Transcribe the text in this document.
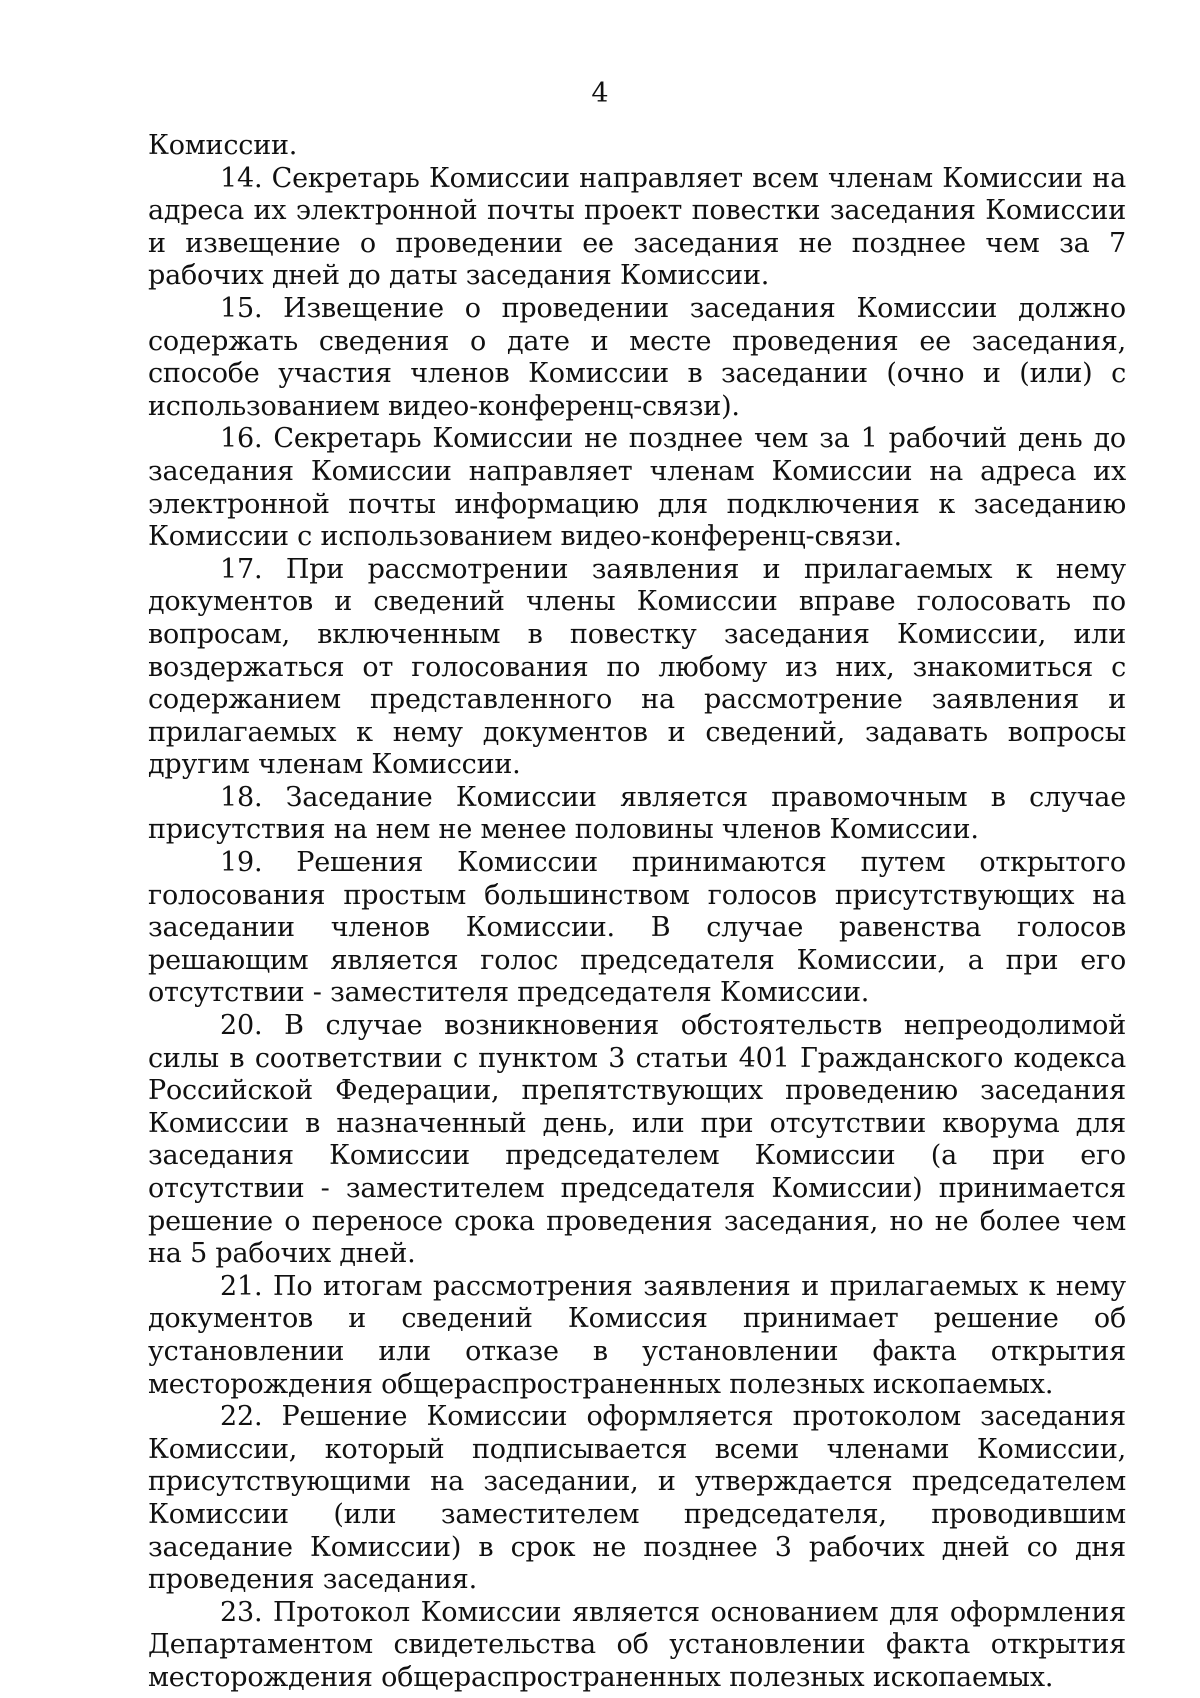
4

Комиссии.

14. Секретарь Комиссии направляет всем членам Комиссии на адреса их электронной почты проект повестки заседания Комиссии и извещение о проведении ее заседания не позднее чем за 7 рабочих дней до даты заседания Комиссии.

15. Извещение о проведении заседания Комиссии должно содержать сведения о дате и месте проведения ее заседания, способе участия членов Комиссии в заседании (очно и (или) с использованием видео-конференц-связи).

16. Секретарь Комиссии не позднее чем за 1 рабочий день до заседания Комиссии направляет членам Комиссии на адреса их электронной почты информацию для подключения к заседанию Комиссии с использованием видео-конференц-связи.

17. При рассмотрении заявления и прилагаемых к нему документов и сведений члены Комиссии вправе голосовать по вопросам, включенным в повестку заседания Комиссии, или воздержаться от голосования по любому из них, знакомиться с содержанием представленного на рассмотрение заявления и прилагаемых к нему документов и сведений, задавать вопросы другим членам Комиссии.

18. Заседание Комиссии является правомочным в случае присутствия на нем не менее половины членов Комиссии.

19. Решения Комиссии принимаются путем открытого голосования простым большинством голосов присутствующих на заседании членов Комиссии. В случае равенства голосов решающим является голос председателя Комиссии, а при его отсутствии - заместителя председателя Комиссии.

20. В случае возникновения обстоятельств непреодолимой силы в соответствии с пунктом 3 статьи 401 Гражданского кодекса Российской Федерации, препятствующих проведению заседания Комиссии в назначенный день, или при отсутствии кворума для заседания Комиссии председателем Комиссии (а при его отсутствии - заместителем председателя Комиссии) принимается решение о переносе срока проведения заседания, но не более чем на 5 рабочих дней.

21. По итогам рассмотрения заявления и прилагаемых к нему документов и сведений Комиссия принимает решение об установлении или отказе в установлении факта открытия месторождения общераспространенных полезных ископаемых.

22. Решение Комиссии оформляется протоколом заседания Комиссии, который подписывается всеми членами Комиссии, присутствующими на заседании, и утверждается председателем Комиссии (или заместителем председателя, проводившим заседание Комиссии) в срок не позднее 3 рабочих дней со дня проведения заседания.

23. Протокол Комиссии является основанием для оформления Департаментом свидетельства об установлении факта открытия месторождения общераспространенных полезных ископаемых.
